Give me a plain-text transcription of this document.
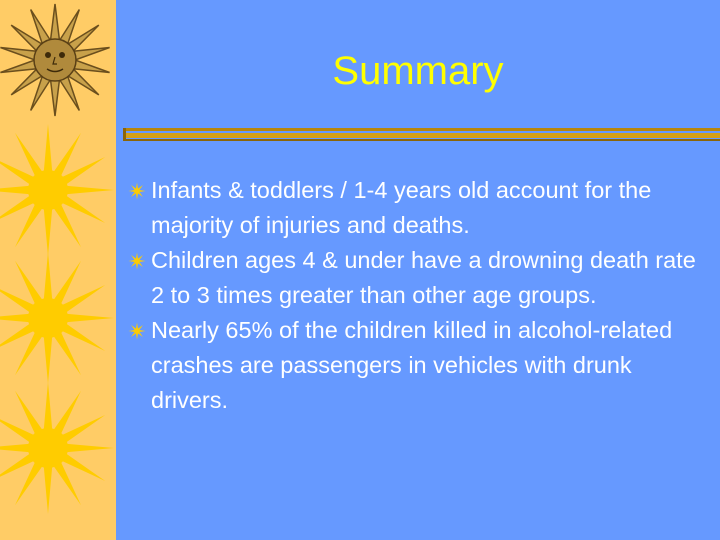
Summary
Infants & toddlers / 1-4 years old account for the majority of injuries and deaths.
Children ages 4 & under have a drowning death rate 2 to 3 times greater than other age groups.
Nearly 65% of the children killed in alcohol-related crashes are passengers in vehicles with drunk drivers.
